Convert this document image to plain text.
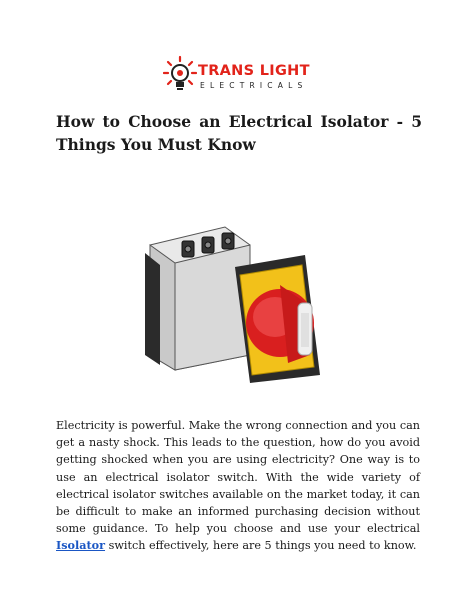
TRANS LIGHT
ELECTRICALS
How to Choose an Electrical Isolator - 5 Things You Must Know

Electricity is powerful. Make the wrong connection and you can get a nasty shock. This leads to the question, how do you avoid getting shocked when you are using electricity? One way is to use an electrical isolator switch. With the wide variety of electrical isolator switches available on the market today, it can be difficult to make an informed purchasing decision without some guidance. To help you choose and use your electrical Isolator switch effectively, here are 5 things you need to know.
